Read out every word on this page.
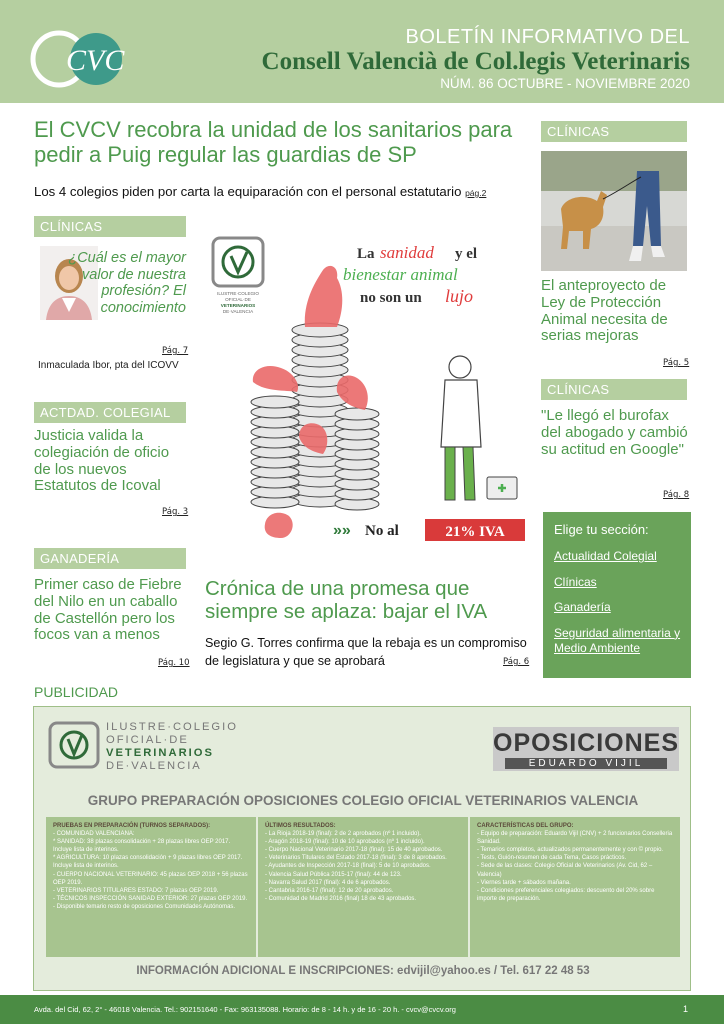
CVC
BOLETÍN INFORMATIVO DEL
Consell Valencià de Col.legis Veterinaris
NÚM. 86 OCTUBRE - NOVIEMBRE 2020
El CVCV recobra la unidad de los sanitarios para pedir a Puig regular las guardias de SP
Los 4 colegios piden por carta la equiparación con el personal estatutario pág.2
CLÍNICAS
¿Cuál es el mayor valor de nuestra profesión? El conocimiento
Pág. 7
Inmaculada Ibor, pta del ICOVV
ACTDAD. COLEGIAL
Justicia valida la colegiación de oficio de los nuevos Estatutos de Icoval
Pág. 3
GANADERÍA
Primer caso de Fiebre del Nilo en un caballo de Castellón pero los focos van a menos
Pág. 10
ILUSTRE·COLEGIO
OFICIAL·DE
VETERINARIOS
DE·VALENCIA
La sanidad y el
bienestar animal
no son un lujo
»» No al	21% IVA
Crónica de una promesa que siempre se aplaza: bajar el IVA
Segio G. Torres confirma que la rebaja es un compromiso de legislatura y que se aprobará	Pág. 6
CLÍNICAS
El anteproyecto de Ley de Protección Animal necesita de serias mejoras
Pág. 5
CLÍNICAS
"Le llegó el burofax del abogado y cambió su actitud en Google"
Pág. 8
Elige tu sección:
Actualidad Colegial
Clínicas
Ganadería
Seguridad alimentaria y Medio Ambiente
PUBLICIDAD
ILUSTRE·COLEGIO
OFICIAL·DE
VETERINARIOS
DE·VALENCIA
OPOSICIONES
EDUARDO VIJIL
GRUPO PREPARACIÓN OPOSICIONES COLEGIO OFICIAL VETERINARIOS VALENCIA
PRUEBAS EN PREPARACIÓN (TURNOS SEPARADOS):
- COMUNIDAD VALENCIANA:
* SANIDAD: 38 plazas consolidación + 28 plazas libres OEP 2017. Incluye lista de interinos.
* AGRICULTURA: 10 plazas consolidación + 9 plazas libres OEP 2017. Incluye lista de interinos.
- CUERPO NACIONAL VETERINARIO: 45 plazas OEP 2018 + 56 plazas OEP 2019.
- VETERINARIOS TITULARES ESTADO: 7 plazas OEP 2019.
- TÉCNICOS INSPECCIÓN SANIDAD EXTERIOR: 27 plazas OEP 2019.
- Disponible temario resto de oposiciones Comunidades Autónomas.
ÚLTIMOS RESULTADOS:
- La Rioja 2018-19 (final): 2 de 2 aprobados (nº 1 incluido).
- Aragón 2018-19 (final): 10 de 10 aprobados (nº 1 incluido).
- Cuerpo Nacional Veterinario 2017-18 (final): 15 de 40 aprobados.
- Veterinarios Titulares del Estado 2017-18 (final): 3 de 8 aprobados.
- Ayudantes de Inspección 2017-18 (final): 5 de 10 aprobados.
- Valencia Salud Pública 2015-17 (final): 44 de 123.
- Navarra Salud 2017 (final): 4 de 6 aprobados.
- Cantabria 2016-17 (final): 12 de 20 aprobados.
- Comunidad de Madrid 2016 (final) 18 de 43 aprobados.
CARACTERÍSTICAS DEL GRUPO:
- Equipo de preparación: Eduardo Vijil (CNV) + 2 funcionarios Conselleria Sanidad.
- Temarios completos, actualizados permanentemente y con © propio.
- Tests, Guión-resumen de cada Tema, Casos prácticos.
- Sede de las clases: Colegio Oficial de Veterinarios (Av. Cid, 62 – Valencia)
- Viernes tarde + sábados mañana.
- Condiciones preferenciales colegiados: descuento del 20% sobre importe de preparación.
INFORMACIÓN ADICIONAL E INSCRIPCIONES: edvijil@yahoo.es / Tel. 617 22 48 53
Avda. del Cid, 62, 2° - 46018 Valencia. Tel.: 902151640 - Fax: 963135088. Horario: de 8 - 14 h. y de 16 - 20 h. - cvcv@cvcv.org	1
